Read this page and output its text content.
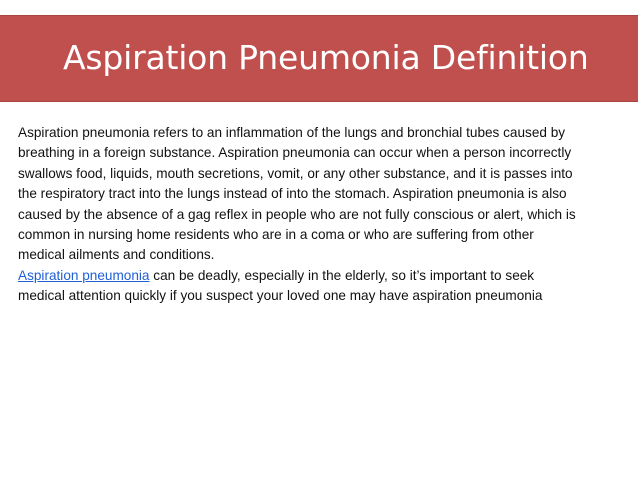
Aspiration Pneumonia Definition
Aspiration pneumonia refers to an inflammation of the lungs and bronchial tubes caused by
breathing in a foreign substance. Aspiration pneumonia can occur when a person incorrectly
swallows food, liquids, mouth secretions, vomit, or any other substance, and it is passes into
the respiratory tract into the lungs instead of into the stomach. Aspiration pneumonia is also
caused by the absence of a gag reflex in people who are not fully conscious or alert, which is
common in nursing home residents who are in a coma or who are suffering from other
medical ailments and conditions.
Aspiration pneumonia can be deadly, especially in the elderly, so it’s important to seek
medical attention quickly if you suspect your loved one may have aspiration pneumonia
